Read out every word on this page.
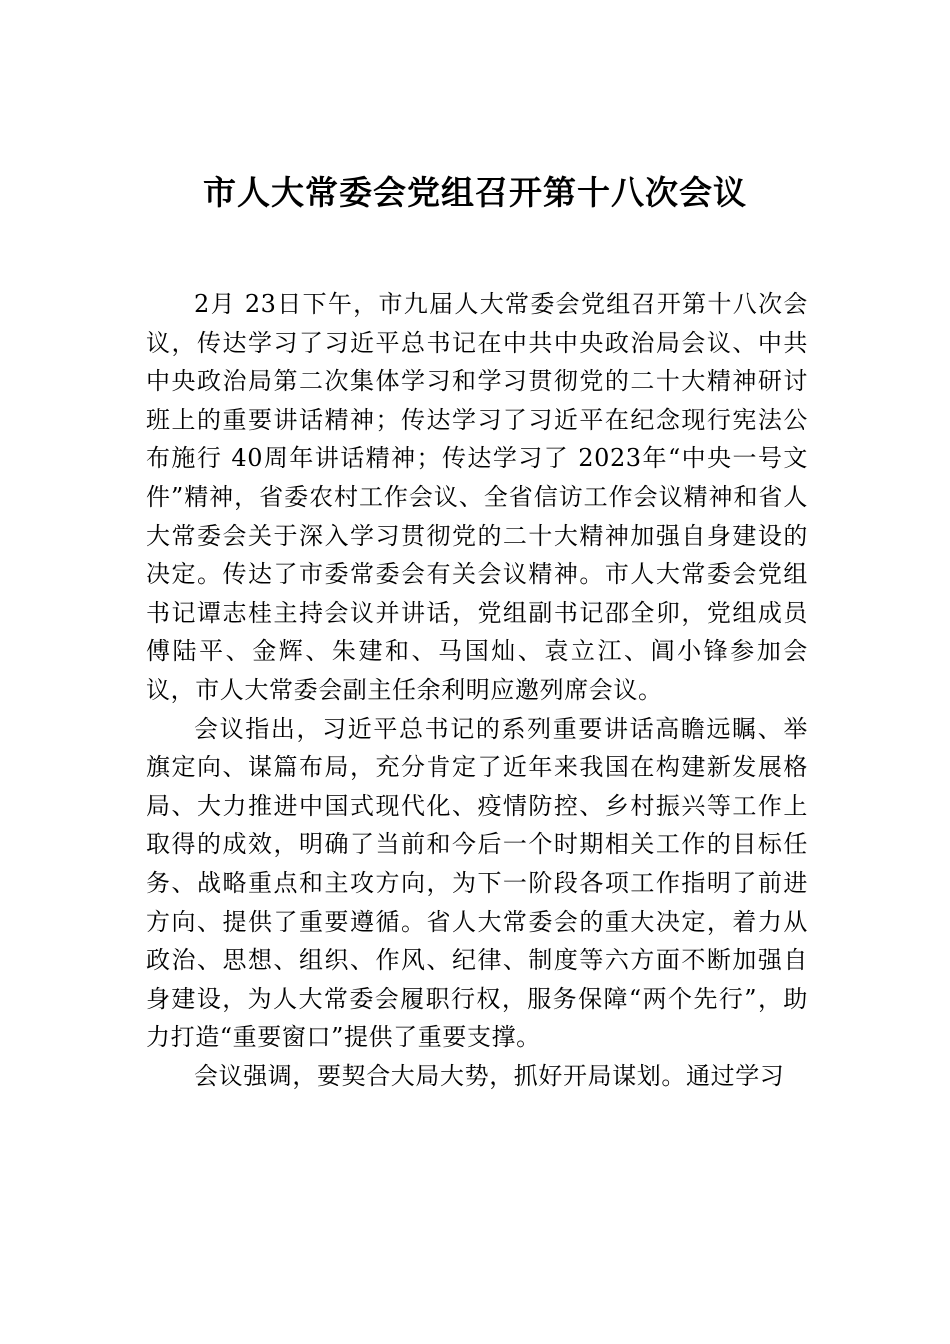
市人大常委会党组召开第十八次会议

2月 23日下午，市九届人大常委会党组召开第十八次会议，传达学习了习近平总书记在中共中央政治局会议、中共中央政治局第二次集体学习和学习贯彻党的二十大精神研讨班上的重要讲话精神；传达学习了习近平在纪念现行宪法公布施行 40周年讲话精神；传达学习了 2023年“中央一号文件”精神，省委农村工作会议、全省信访工作会议精神和省人大常委会关于深入学习贯彻党的二十大精神加强自身建设的决定。传达了市委常委会有关会议精神。市人大常委会党组书记谭志桂主持会议并讲话，党组副书记邵全卯，党组成员傅陆平、金辉、朱建和、马国灿、袁立江、阊小锋参加会议，市人大常委会副主任余利明应邀列席会议。

会议指出，习近平总书记的系列重要讲话高瞻远瞩、举旗定向、谋篇布局，充分肯定了近年来我国在构建新发展格局、大力推进中国式现代化、疫情防控、乡村振兴等工作上取得的成效，明确了当前和今后一个时期相关工作的目标任务、战略重点和主攻方向，为下一阶段各项工作指明了前进方向、提供了重要遵循。省人大常委会的重大决定，着力从政治、思想、组织、作风、纪律、制度等六方面不断加强自身建设，为人大常委会履职行权，服务保障“两个先行”，助力打造“重要窗口”提供了重要支撑。

会议强调，要契合大局大势，抓好开局谋划。通过学习
